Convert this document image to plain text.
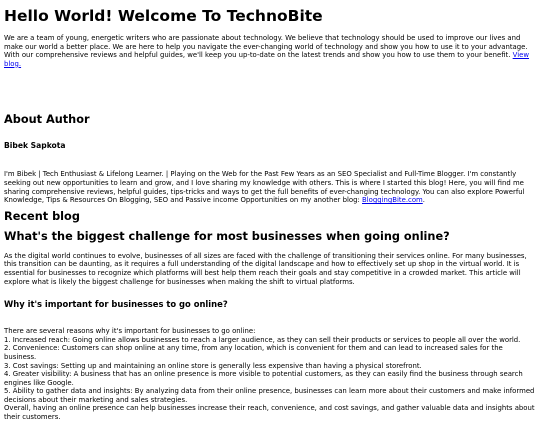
Hello World! Welcome To TechnoBite

We are a team of young, energetic writers who are passionate about technology. We believe that technology should be used to improve our lives and make our world a better place. We are here to help you navigate the ever-changing world of technology and show you how to use it to your advantage. With our comprehensive reviews and helpful guides, we'll keep you up-to-date on the latest trends and show you how to use them to your benefit. View blog.

About Author
Bibek Sapkota

I'm Bibek | Tech Enthusiast & Lifelong Learner. | Playing on the Web for the Past Few Years as an SEO Specialist and Full-Time Blogger. I'm constantly seeking out new opportunities to learn and grow, and I love sharing my knowledge with others. This is where I started this blog! Here, you will find me sharing comprehensive reviews, helpful guides, tips-tricks and ways to get the full benefits of ever-changing technology. You can also explore Powerful Knowledge, Tips & Resources On Blogging, SEO and Passive income Opportunities on my another blog: BloggingBite.com.

Recent blog
What's the biggest challenge for most businesses when going online?

As the digital world continues to evolve, businesses of all sizes are faced with the challenge of transitioning their services online. For many businesses, this transition can be daunting, as it requires a full understanding of the digital landscape and how to effectively set up shop in the virtual world. It is essential for businesses to recognize which platforms will best help them reach their goals and stay competitive in a crowded market. This article will explore what is likely the biggest challenge for businesses when making the shift to virtual platforms.

Why it's important for businesses to go online?

There are several reasons why it's important for businesses to go online:
1. Increased reach: Going online allows businesses to reach a larger audience, as they can sell their products or services to people all over the world.
2. Convenience: Customers can shop online at any time, from any location, which is convenient for them and can lead to increased sales for the business.
3. Cost savings: Setting up and maintaining an online store is generally less expensive than having a physical storefront.
4. Greater visibility: A business that has an online presence is more visible to potential customers, as they can easily find the business through search engines like Google.
5. Ability to gather data and insights: By analyzing data from their online presence, businesses can learn more about their customers and make informed decisions about their marketing and sales strategies.
Overall, having an online presence can help businesses increase their reach, convenience, and cost savings, and gather valuable data and insights about their customers.
